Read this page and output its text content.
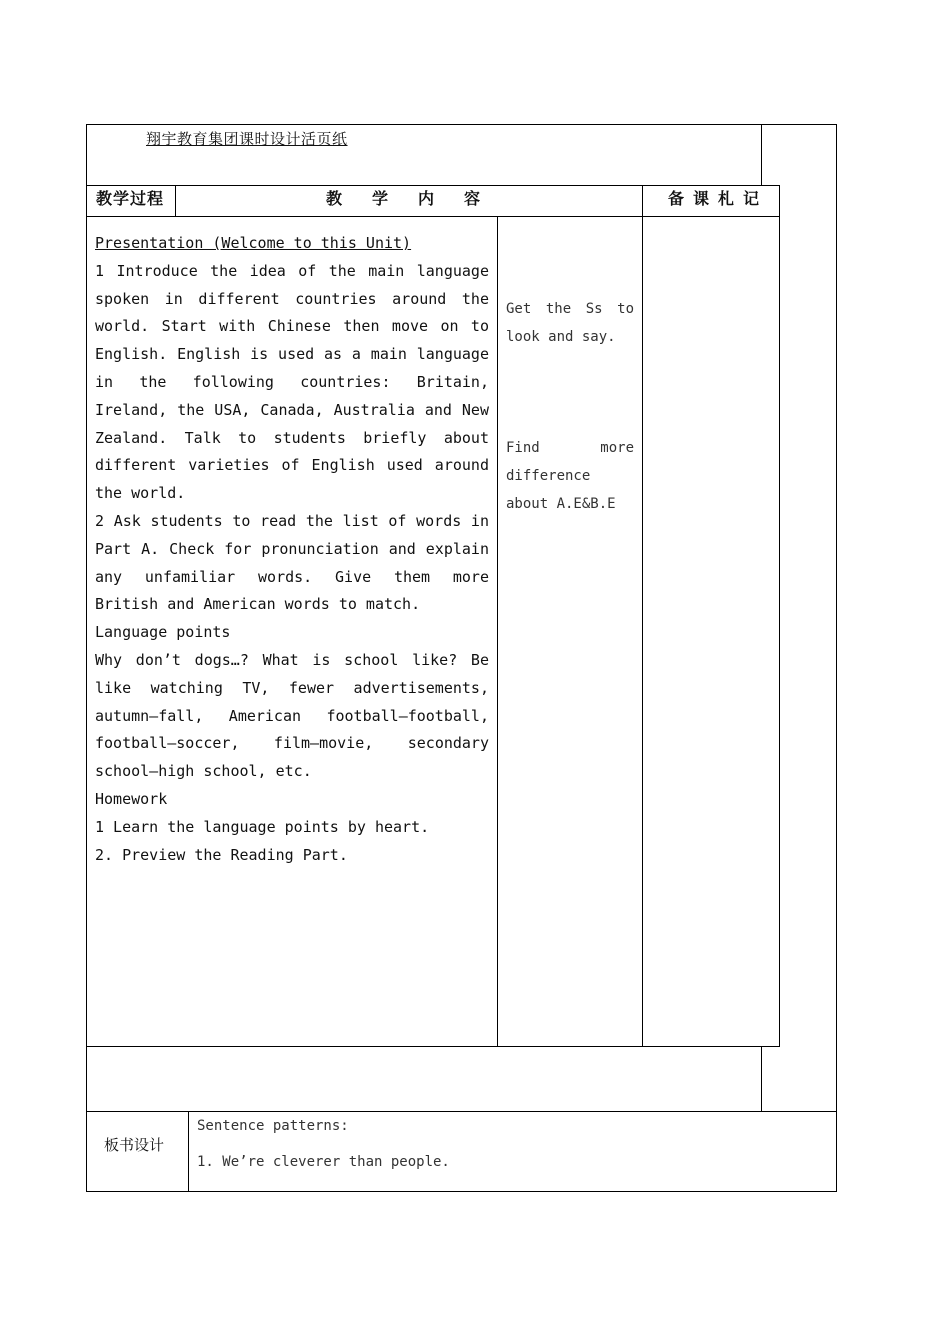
翔宇教育集团课时设计活页纸
教学过程	教学内容	备课札记

Presentation (Welcome to this Unit)

1 Introduce the idea of the main language spoken in different countries around the world. Start with Chinese then move on to English. English is used as a main language in the following countries: Britain, Ireland, the USA, Canada, Australia and New Zealand. Talk to students briefly about different varieties of English used around the world.

2 Ask students to read the list of words in Part A. Check for pronunciation and explain any unfamiliar words. Give them more British and American words to match.

Language points

Why don’t dogs…? What is school like? Be like watching TV, fewer advertisements, autumn—fall, American football—football, football—soccer, film—movie, secondary school—high school, etc.

Homework

1 Learn the language points by heart.

2. Preview the Reading Part.

Get the Ss to look and say.

Find more difference about A.E&B.E

板书设计
Sentence patterns:
1. We’re cleverer than people.
